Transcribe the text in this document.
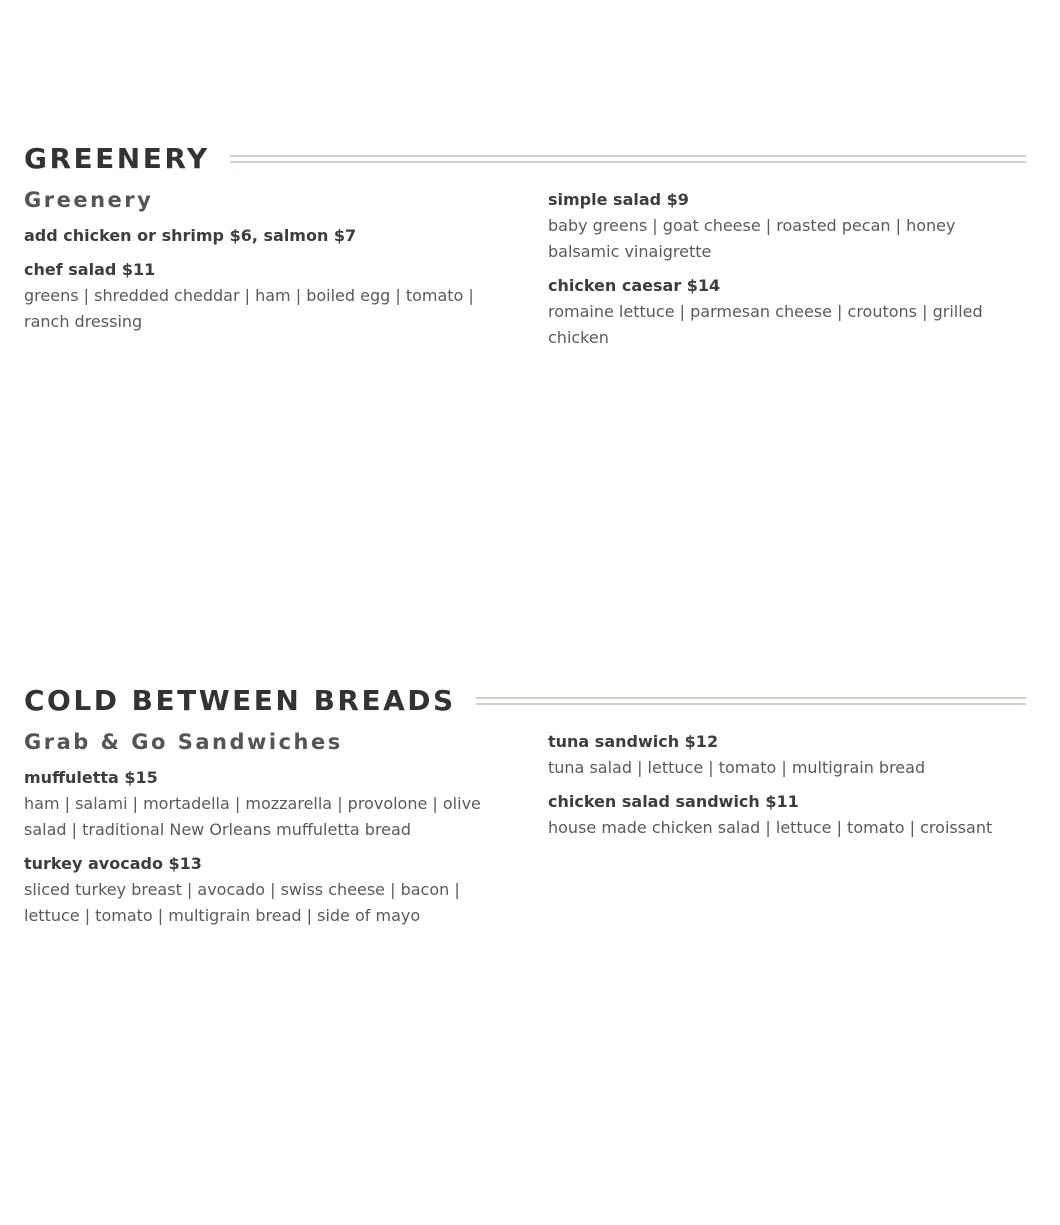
GREENERY
Greenery

add chicken or shrimp $6, salmon $7

chef salad $11

greens | shredded cheddar | ham | boiled egg | tomato | ranch dressing

simple salad $9

baby greens | goat cheese | roasted pecan | honey balsamic vinaigrette

chicken caesar $14

romaine lettuce | parmesan cheese | croutons | grilled chicken

COLD BETWEEN BREADS
Grab & Go Sandwiches

muffuletta $15

ham | salami | mortadella | mozzarella | provolone | olive salad | traditional New Orleans muffuletta bread

turkey avocado $13

sliced turkey breast | avocado | swiss cheese | bacon | lettuce | tomato | multigrain bread | side of mayo

tuna sandwich $12

tuna salad | lettuce | tomato | multigrain bread

chicken salad sandwich $11

house made chicken salad | lettuce | tomato | croissant
